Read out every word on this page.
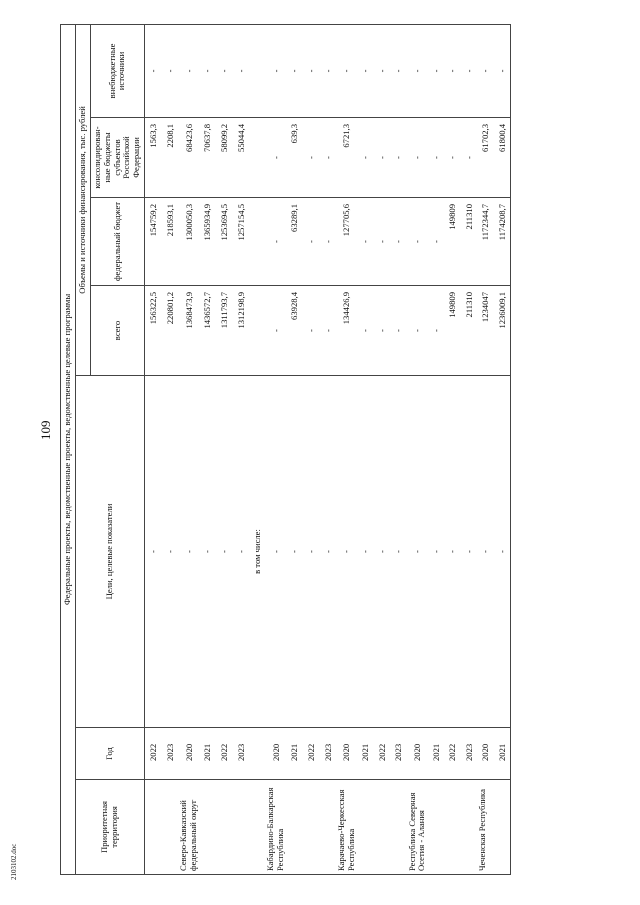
109 Федеральные проекты, ведомственные проекты, ведомственные целевые программы						
Приоритетная территория	Год	Цели, целевые показатели	Объемы и источники финансирования, тыс. рублей			
			всего	федеральный бюджет	консолидирован-ные бюджеты субъектов Российской Федерации	внебюджетные источники
	2022	-	156322,5	154759,2	1563,3	-
	2023	-	220801,2	218593,1	2208,1	-
Северо-Кавказский федеральный округ	2020	-	1368473,9	1300050,3	68423,6	-
	2021	-	1436572,7	1365934,9	70637,8	-
	2022	-	1311793,7	1253694,5	58099,2	-
	2023	-	1312198,9	1257154,5	55044,4	-
		в том числе:				
Кабардино-Балкарская Республика	2020	-	-	-	-	-
	2021	-	63928,4	63289,1	639,3	-
	2022	-	-	-	-	-
	2023	-	-	-	-	-
Карачаево-Черкесская Республика	2020	-	134426,9	127705,6	6721,3	-
	2021	-	-	-	-	-
	2022	-	-	-	-	-
	2023	-	-	-	-	-
Республика Северная Осетия - Алания	2020	-	-	-	-	-
	2021	-	-	-	-	-
	2022	-	149809	149809	-	-
	2023	-	211310	211310	-	-
Чеченская Республика	2020	-	1234047	1172344,7	61702,3	-
	2021	-	1236009,1	1174208,7	61800,4	-
2103102.doc
